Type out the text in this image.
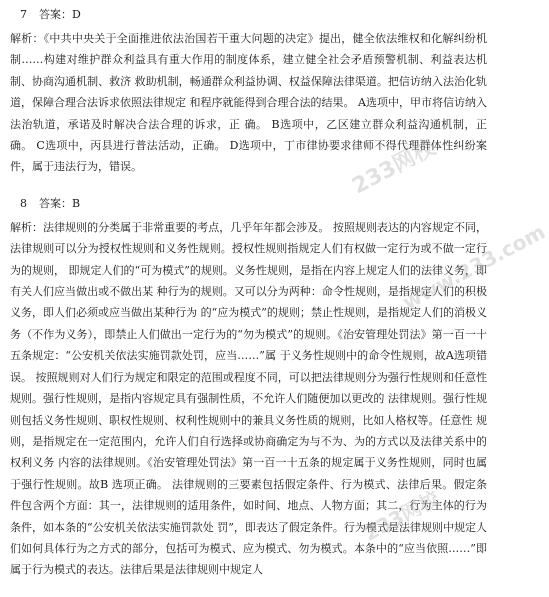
7 答案：D

解析：《中共中央关于全面推进依法治国若干重大问题的决定》提出，健全依法维权和化解纠纷机制……构建对维护群众利益具有重大作用的制度体系，建立健全社会矛盾预警机制、利益表达机制、协商沟通机制、救济 救助机制，畅通群众利益协调、权益保障法律渠道。把信访纳入法治化轨道，保障合理合法诉求依照法律规定 和程序就能得到合理合法的结果。 A选项中，甲市将信访纳入法治轨道，承诺及时解决合法合理的诉求，正 确。 B选项中，乙区建立群众利益沟通机制，正 确。 C选项中，丙县进行普法活动，正确。 D选项中，丁市律协要求律师不得代理群体性纠纷案件，属于违法行为，错误。

8 答案：B

解析：法律规则的分类属于非常重要的考点，几乎年年都会涉及。 按照规则表达的内容规定不同，法律规则可以分为授权性规则和义务性规则。授权性规则指规定人们有权做一定行为或不做一定行为的规则， 即规定人们的“可为模式”的规则。义务性规则，是指在内容上规定人们的法律义务，即有关人们应当做出或不做出某 种行为的规则。又可以分为两种：命令性规则，是指规定人们的积极义务，即人们必须或应当做出某种行为 的“应为模式”的规则；禁止性规则，是指规定人们的消极义务（不作为义务），即禁止人们做出一定行为的“勿为模式”的规则。《治安管理处罚法》第一百一十五条规定：“公安机关依法实施罚款处罚，应当……”属 于义务性规则中的命令性规则，故A选项错误。 按照规则对人们行为规定和限定的范围或程度不同，可以把法律规则分为强行性规则和任意性规则。强行性规则，是指内容规定具有强制性质，不允许人们随便加以更改的 法律规则。强行性规则包括义务性规则、职权性规则、权利性规则中的兼具义务性质的规则，比如人格权等。任意性 规则，是指规定在一定范围内，允许人们自行选择或协商确定为与不为、为的方式以及法律关系中的权利义务 内容的法律规则。《治安管理处罚法》第一百一十五条的规定属于义务性规则，同时也属于强行性规则。故B 选项正确。 法律规则的三要素包括假定条件、行为模式、法律后果。假定条件包含两个方面：其一，法律规则的适用条件，如时间、地点、人物方面；其二，行为主体的行为条件，如本条的“公安机关依法实施罚款处 罚”，即表达了假定条件。行为模式是法律规则中规定人们如何具体行为之方式的部分，包括可为模式、应为模式、勿为模式。本条中的“应当依照……”即属于行为模式的表达。法律后果是法律规则中规定人

233网校
www.233.com
233网校
